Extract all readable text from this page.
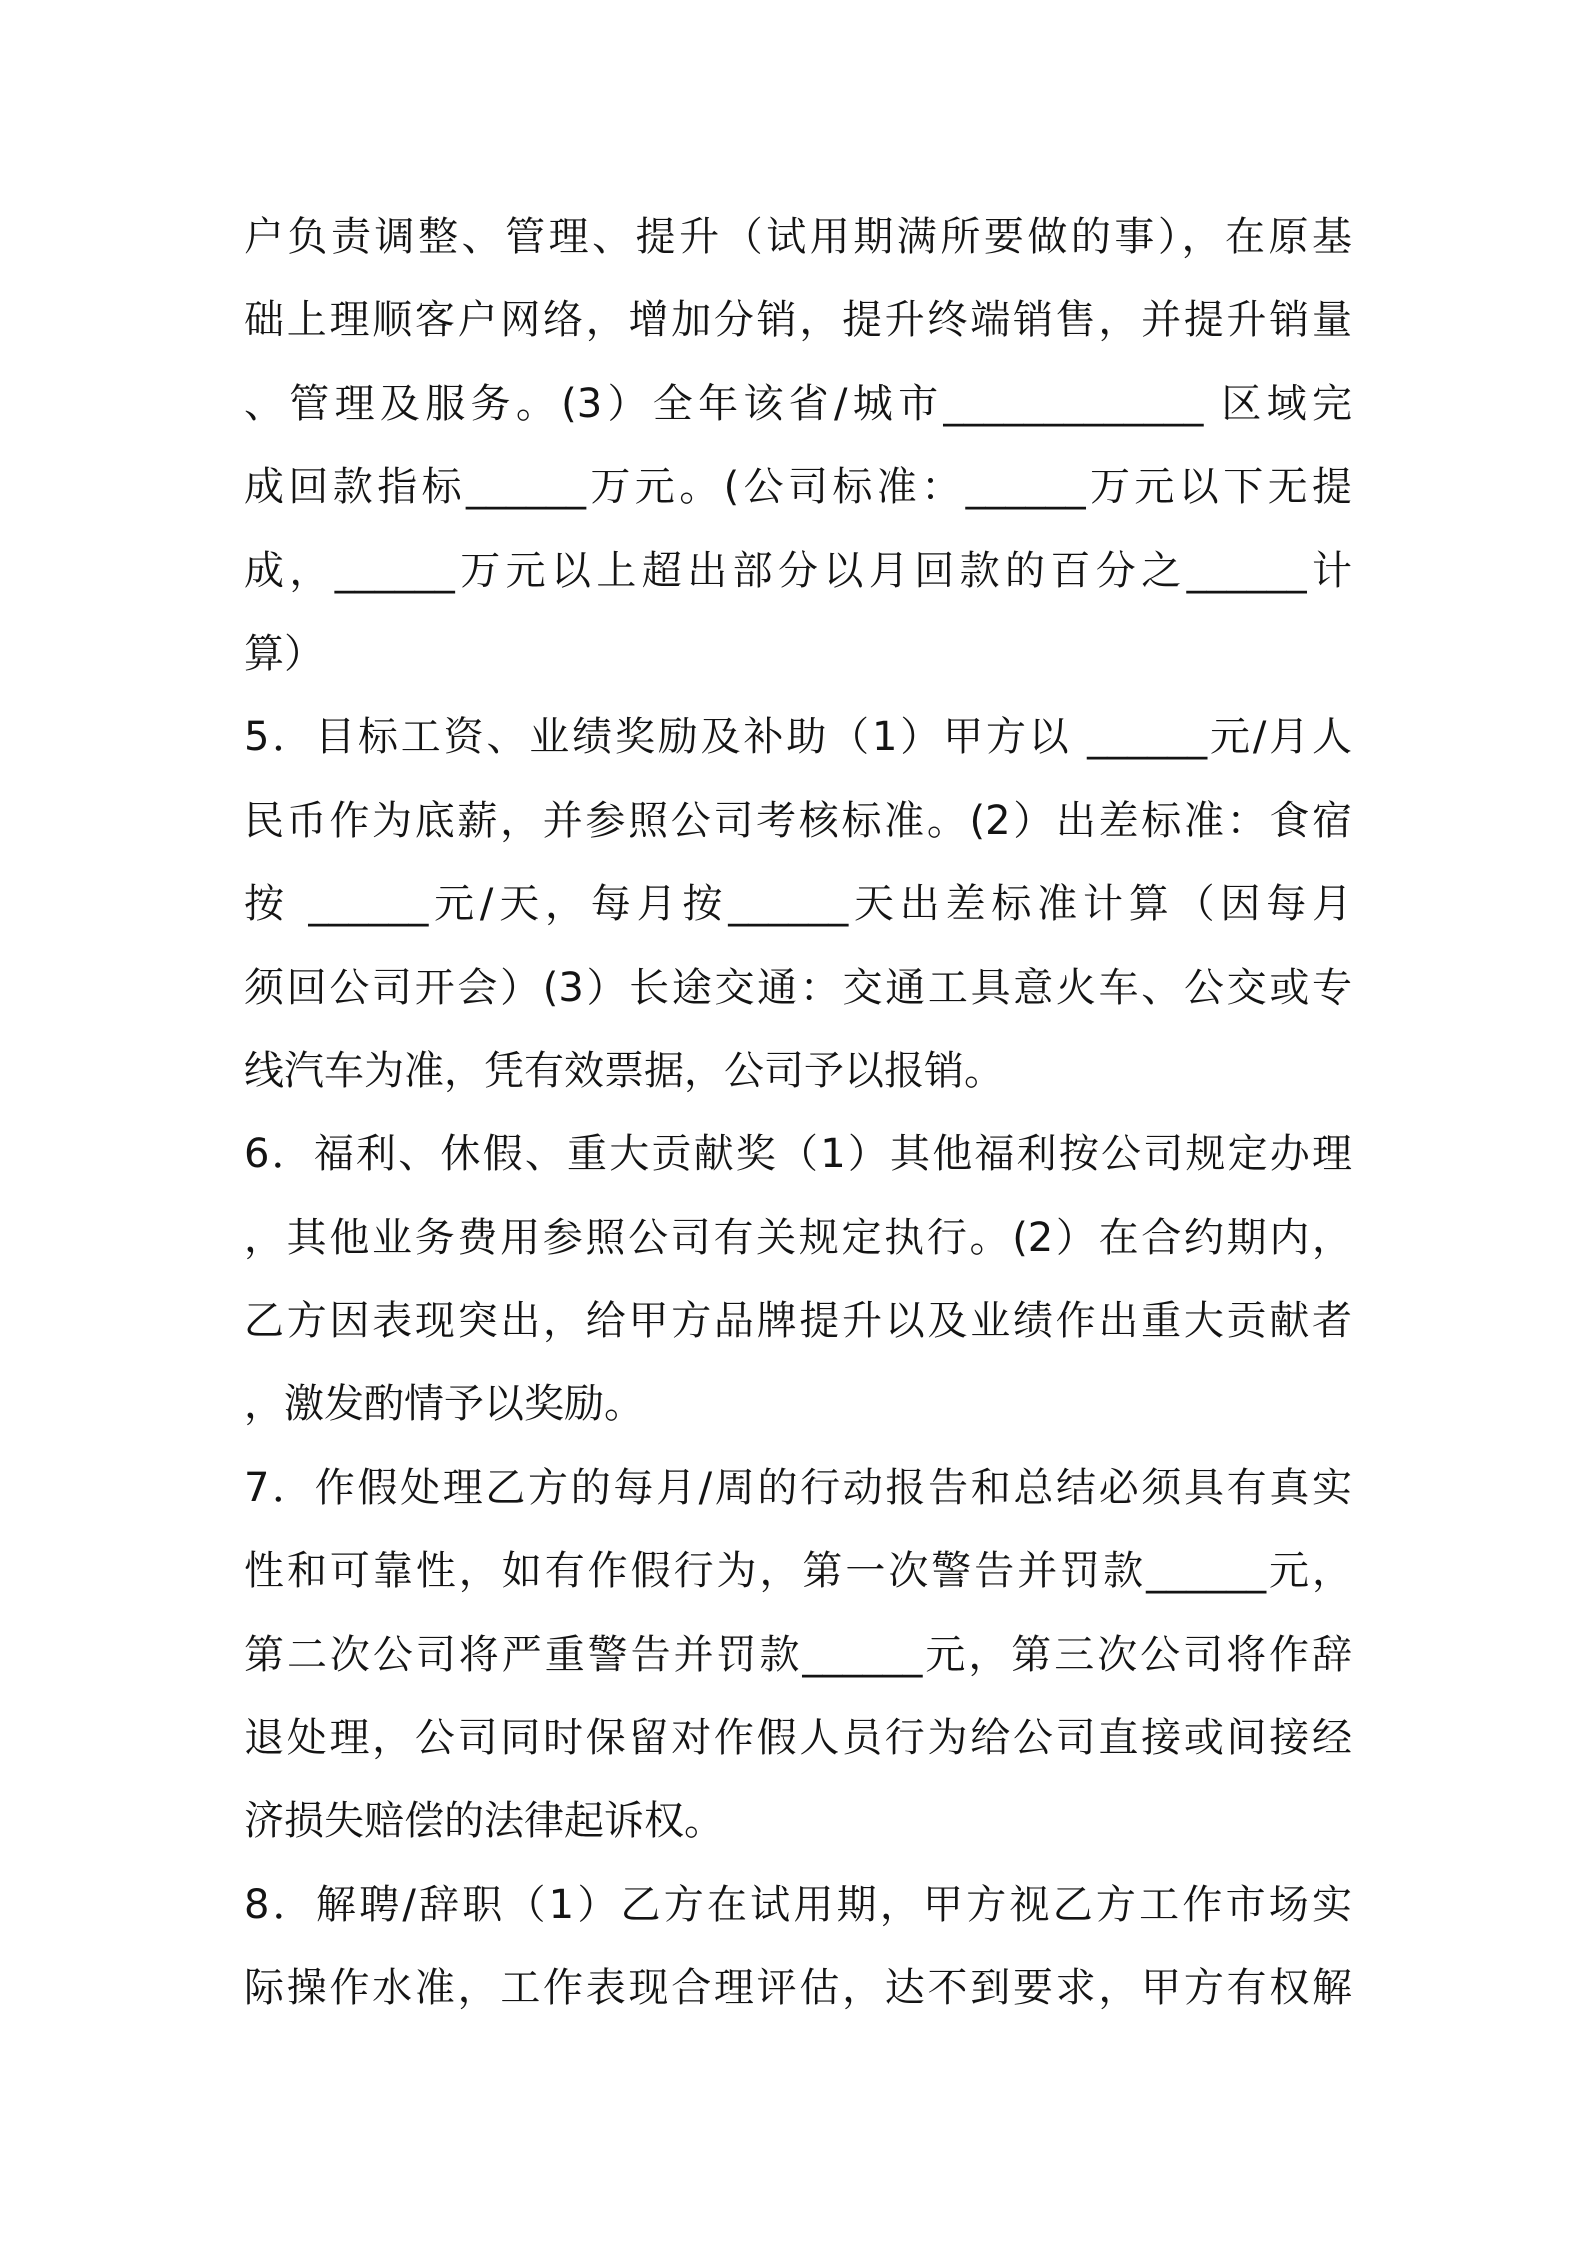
户负责调整、管理、提升（试用期满所要做的事），在原基
础上理顺客户网络，增加分销，提升终端销售，并提升销量
、管理及服务。(3）全年该省/城市_____________ 区域完
成回款指标______万元。(公司标准：______万元以下无提
成，______万元以上超出部分以月回款的百分之______计
算）
5．目标工资、业绩奖励及补助（1）甲方以 ______元/月人
民币作为底薪，并参照公司考核标准。(2）出差标准：食宿
按 ______元/天，每月按______天出差标准计算（因每月
须回公司开会）(3）长途交通：交通工具意火车、公交或专
线汽车为准，凭有效票据，公司予以报销。
6．福利、休假、重大贡献奖（1）其他福利按公司规定办理
，其他业务费用参照公司有关规定执行。(2）在合约期内，
乙方因表现突出，给甲方品牌提升以及业绩作出重大贡献者
，激发酌情予以奖励。
7．作假处理乙方的每月/周的行动报告和总结必须具有真实
性和可靠性，如有作假行为，第一次警告并罚款______元，
第二次公司将严重警告并罚款______元，第三次公司将作辞
退处理，公司同时保留对作假人员行为给公司直接或间接经
济损失赔偿的法律起诉权。
8．解聘/辞职（1）乙方在试用期，甲方视乙方工作市场实
际操作水准，工作表现合理评估，达不到要求，甲方有权解
